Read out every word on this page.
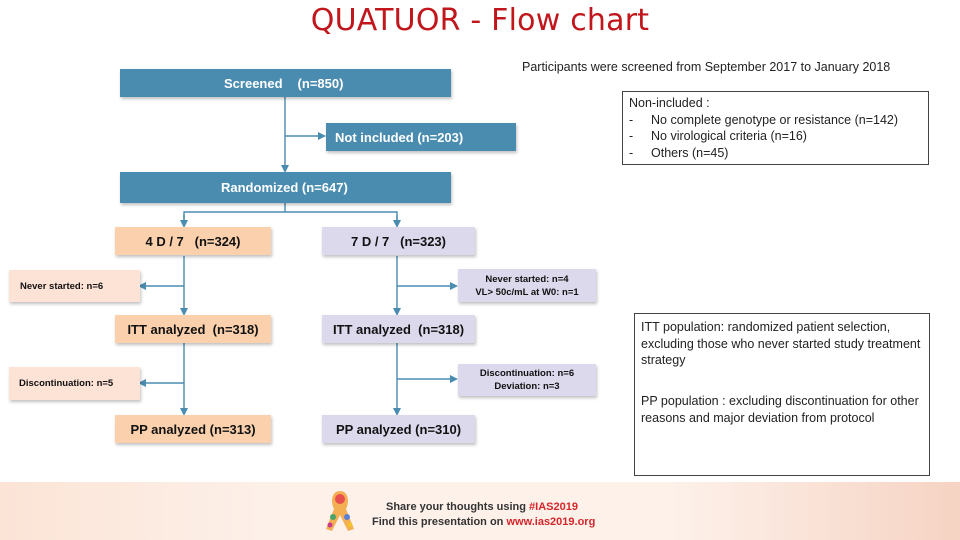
QUATUOR - Flow chart
Participants were screened from September 2017 to January 2018
Screened (n=850)
Not included (n=203)
Randomized (n=647)
4 D / 7   (n=324)	7 D / 7   (n=323)
Never started: n=6
Never started: n=4
VL> 50c/mL at W0: n=1
ITT analyzed  (n=318)	ITT analyzed  (n=318)
Discontinuation: n=5
Discontinuation: n=6
Deviation: n=3
PP analyzed (n=313)	PP analyzed (n=310)
Non-included :
-	No complete genotype or resistance (n=142)
-	No virological criteria (n=16)
-	Others (n=45)
ITT population: randomized patient selection, excluding those who never started study treatment strategy
PP population : excluding discontinuation for other reasons and major deviation from protocol
Share your thoughts using #IAS2019
Find this presentation on www.ias2019.org
